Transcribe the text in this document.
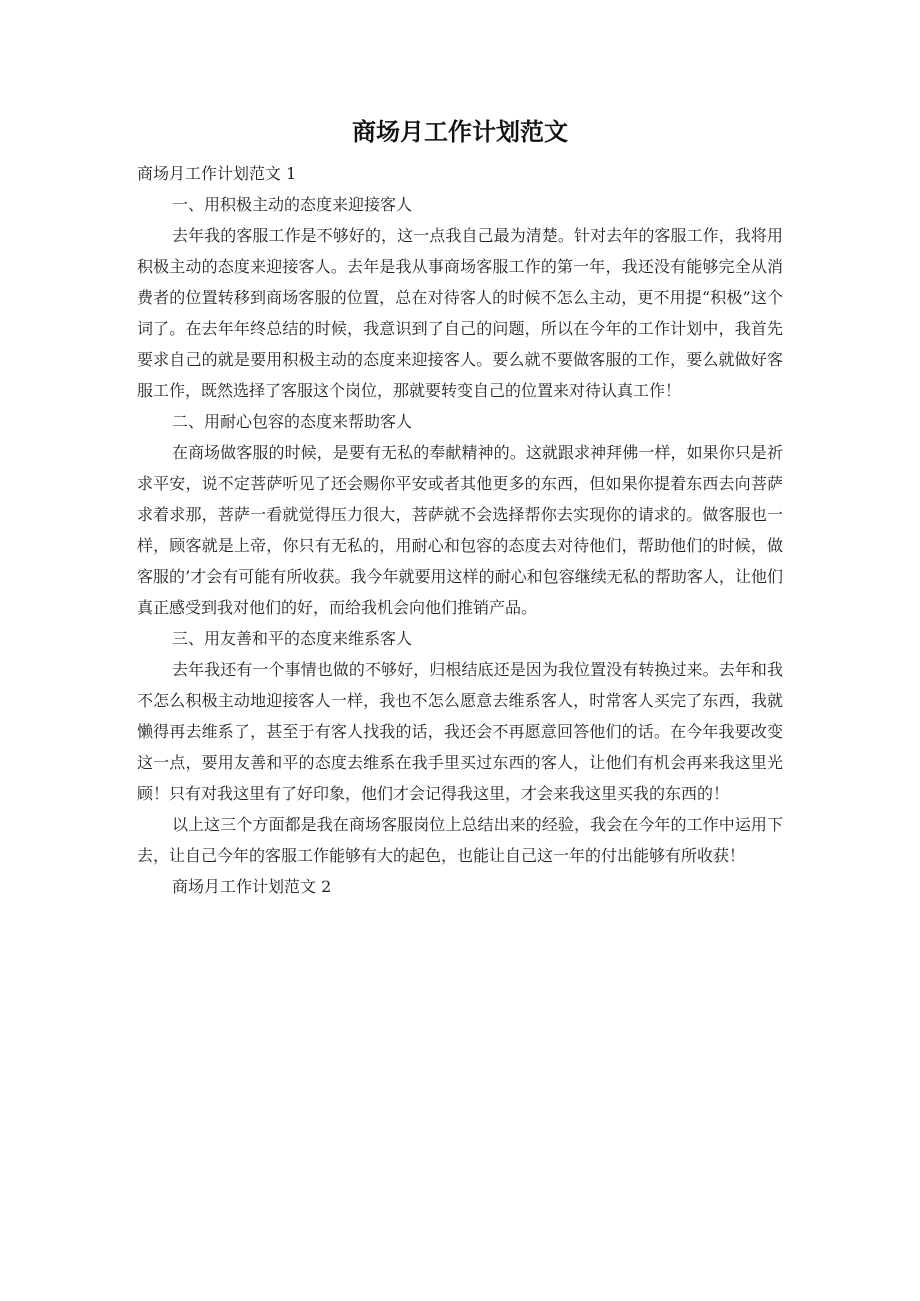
商场月工作计划范文

商场月工作计划范文 1

一、用积极主动的态度来迎接客人

去年我的客服工作是不够好的，这一点我自己最为清楚。针对去年的客服工作，我将用积极主动的态度来迎接客人。去年是我从事商场客服工作的第一年，我还没有能够完全从消费者的位置转移到商场客服的位置，总在对待客人的时候不怎么主动，更不用提“积极”这个词了。在去年年终总结的时候，我意识到了自己的问题，所以在今年的工作计划中，我首先要求自己的就是要用积极主动的态度来迎接客人。要么就不要做客服的工作，要么就做好客服工作，既然选择了客服这个岗位，那就要转变自己的位置来对待认真工作！

二、用耐心包容的态度来帮助客人

在商场做客服的时候，是要有无私的奉献精神的。这就跟求神拜佛一样，如果你只是祈求平安，说不定菩萨听见了还会赐你平安或者其他更多的东西，但如果你提着东西去向菩萨求着求那，菩萨一看就觉得压力很大，菩萨就不会选择帮你去实现你的请求的。做客服也一样，顾客就是上帝，你只有无私的，用耐心和包容的态度去对待他们，帮助他们的时候，做客服的’才会有可能有所收获。我今年就要用这样的耐心和包容继续无私的帮助客人，让他们真正感受到我对他们的好，而给我机会向他们推销产品。

三、用友善和平的态度来维系客人

去年我还有一个事情也做的不够好，归根结底还是因为我位置没有转换过来。去年和我不怎么积极主动地迎接客人一样，我也不怎么愿意去维系客人，时常客人买完了东西，我就懒得再去维系了，甚至于有客人找我的话，我还会不再愿意回答他们的话。在今年我要改变这一点，要用友善和平的态度去维系在我手里买过东西的客人，让他们有机会再来我这里光顾！只有对我这里有了好印象，他们才会记得我这里，才会来我这里买我的东西的！

以上这三个方面都是我在商场客服岗位上总结出来的经验，我会在今年的工作中运用下去，让自己今年的客服工作能够有大的起色，也能让自己这一年的付出能够有所收获！

商场月工作计划范文 2
